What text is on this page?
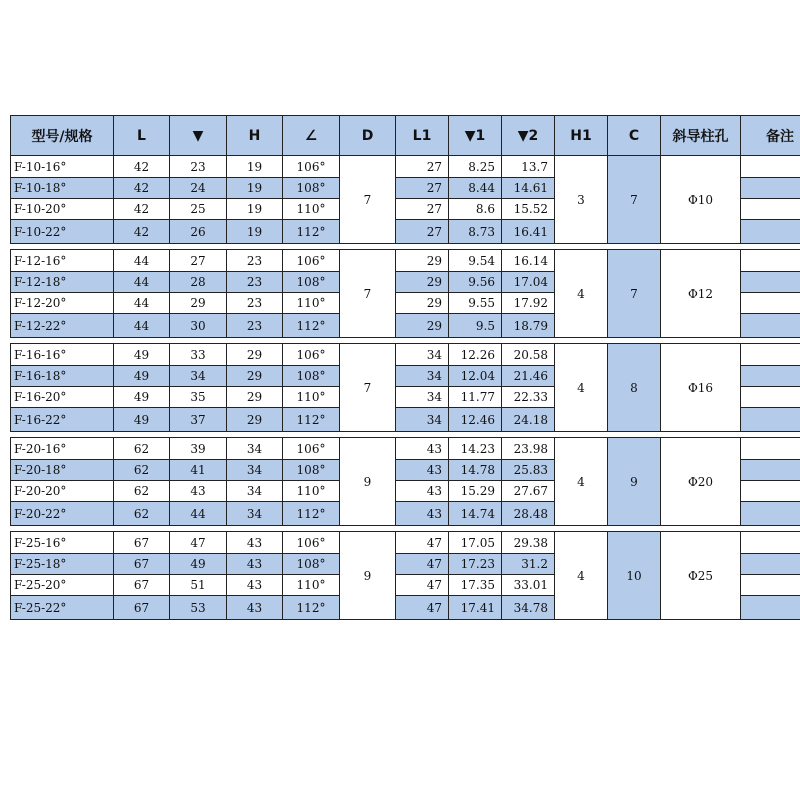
型号/规格	L	▼	H	∠	D	L1	▼1	▼2	H1	C	斜导柱孔	备注
F-10-16°	42	23	19	106°	7	27	8.25	13.7	3	7	Φ10	
F-10-18°	42	24	19	108°		27	8.44	14.61				
F-10-20°	42	25	19	110°		27	8.6	15.52				
F-10-22°	42	26	19	112°		27	8.73	16.41				

F-12-16°	44	27	23	106°	7	29	9.54	16.14	4	7	Φ12	
F-12-18°	44	28	23	108°		29	9.56	17.04				
F-12-20°	44	29	23	110°		29	9.55	17.92				
F-12-22°	44	30	23	112°		29	9.5	18.79				

F-16-16°	49	33	29	106°	7	34	12.26	20.58	4	8	Φ16	
F-16-18°	49	34	29	108°		34	12.04	21.46				
F-16-20°	49	35	29	110°		34	11.77	22.33				
F-16-22°	49	37	29	112°		34	12.46	24.18				

F-20-16°	62	39	34	106°	9	43	14.23	23.98	4	9	Φ20	
F-20-18°	62	41	34	108°		43	14.78	25.83				
F-20-20°	62	43	34	110°		43	15.29	27.67				
F-20-22°	62	44	34	112°		43	14.74	28.48				

F-25-16°	67	47	43	106°	9	47	17.05	29.38	4	10	Φ25	
F-25-18°	67	49	43	108°		47	17.23	31.2				
F-25-20°	67	51	43	110°		47	17.35	33.01				
F-25-22°	67	53	43	112°		47	17.41	34.78				
